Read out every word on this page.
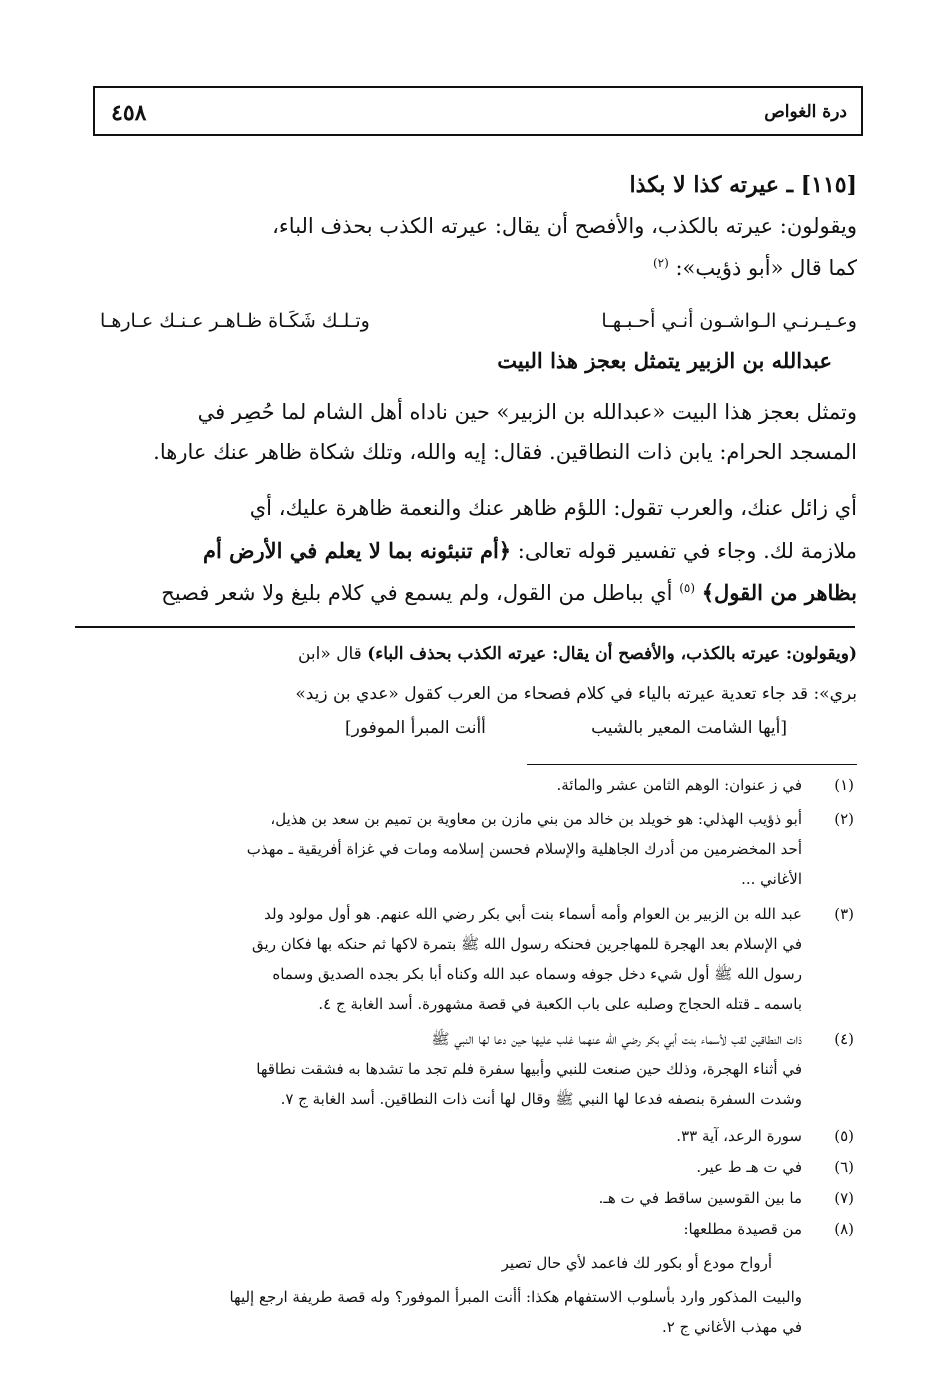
درة الغواص
٤٥٨
[١١٥] ـ عيرته كذا لا بكذا
ويقولون: عيرته بالكذب، والأفصح أن يقال: عيرته الكذب بحذف الباء،
كما قال «أبو ذؤيب»: $^{(٢)}$
وعـيـرنـي الـواشـون أنـي أحـبـهـا
وتـلـك شَكَـاة ظـاهـر عـنـك عـارهـا
عبدالله بن الزبير يتمثل بعجز هذا البيت
وتمثل بعجز هذا البيت «عبدالله بن الزبير» حين ناداه أهل الشام لما حُصِر في
المسجد الحرام: يابن ذات النطاقين. فقال: إيه والله، وتلك شكاة ظاهر عنك عارها.
أي زائل عنك، والعرب تقول: اللؤم ظاهر عنك والنعمة ظاهرة عليك، أي
ملازمة لك. وجاء في تفسير قوله تعالى: ﴿أم تنبئونه بما لا يعلم في الأرض أم
بظاهر من القول﴾ $^{(٥)}$ أي بباطل من القول، ولم يسمع في كلام بليغ ولا شعر فصيح
(ويقولون: عيرته بالكذب، والأفصح أن يقال: عيرته الكذب بحذف الباء) قال «ابن
بري»: قد جاء تعدية عيرته بالياء في كلام فصحاء من العرب كقول «عدي بن زيد»
[أيها الشامت المعير بالشيب
أأنت المبرأ الموفور]
(١)
في ز عنوان: الوهم الثامن عشر والمائة.
(٢)
أبو ذؤيب الهذلي: هو خويلد بن خالد من بني مازن بن معاوية بن تميم بن سعد بن هذيل،
أحد المخضرمين من أدرك الجاهلية والإسلام فحسن إسلامه ومات في غزاة أفريقية ـ مهذب
الأغاني ...
(٣)
عبد الله بن الزبير بن العوام وأمه أسماء بنت أبي بكر رضي الله عنهم. هو أول مولود ولد
في الإسلام بعد الهجرة للمهاجرين فحنكه رسول الله ﷺ بتمرة لاكها ثم حنكه بها فكان ريق
رسول الله ﷺ أول شيء دخل جوفه وسماه عبد الله وكناه أبا بكر بجده الصديق وسماه
باسمه ـ قتله الحجاج وصلبه على باب الكعبة في قصة مشهورة. أسد الغابة ج ٤.
(٤)
ذات النطاقين لقب لأسماء بنت أبي بكر رضي الله عنهما غلب عليها حين دعا لها النبي ﷺ
في أثناء الهجرة، وذلك حين صنعت للنبي وأبيها سفرة فلم تجد ما تشدها به فشقت نطاقها
وشدت السفرة بنصفه فدعا لها النبي ﷺ وقال لها أنت ذات النطاقين. أسد الغابة ج ٧.
(٥)
سورة الرعد، آية ٣٣.
(٦)
في ت هـ ط عير.
(٧)
ما بين القوسين ساقط في ت هـ.
(٨)
من قصيدة مطلعها:
أرواح مودع أو بكور لك فاعمد لأي حال تصير
والبيت المذكور وارد بأسلوب الاستفهام هكذا: أأنت المبرأ الموفور؟ وله قصة طريفة ارجع إليها
في مهذب الأغاني ج ٢.
